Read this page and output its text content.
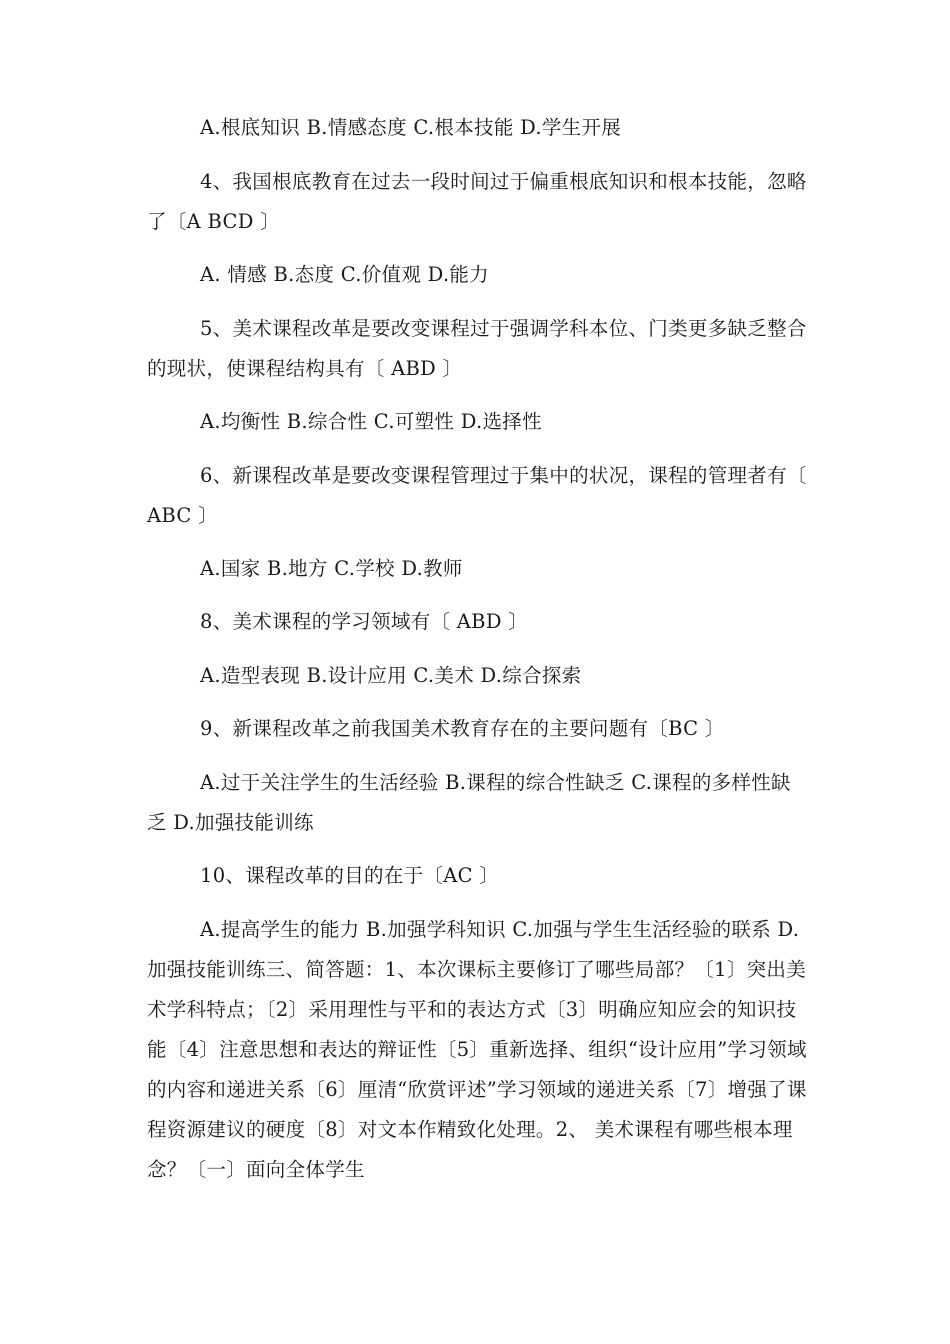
A.根底知识 B.情感态度 C.根本技能 D.学生开展

4、我国根底教育在过去一段时间过于偏重根底知识和根本技能，忽略了〔A BCD 〕

A. 情感 B.态度 C.价值观 D.能力

5、美术课程改革是要改变课程过于强调学科本位、门类更多缺乏整合的现状，使课程结构具有〔 ABD 〕

A.均衡性 B.综合性 C.可塑性 D.选择性

6、新课程改革是要改变课程管理过于集中的状况，课程的管理者有〔 ABC 〕

A.国家 B.地方 C.学校 D.教师

8、美术课程的学习领域有〔 ABD 〕

A.造型表现 B.设计应用 C.美术 D.综合探索

9、新课程改革之前我国美术教育存在的主要问题有〔BC 〕

A.过于关注学生的生活经验 B.课程的综合性缺乏 C.课程的多样性缺乏 D.加强技能训练

10、课程改革的目的在于〔AC 〕

A.提高学生的能力 B.加强学科知识 C.加强与学生生活经验的联系 D.加强技能训练三、简答题：1、本次课标主要修订了哪些局部？〔1〕突出美术学科特点；〔2〕采用理性与平和的表达方式〔3〕明确应知应会的知识技能〔4〕注意思想和表达的辩证性〔5〕重新选择、组织“设计应用”学习领域的内容和递进关系〔6〕厘清“欣赏评述”学习领域的递进关系〔7〕增强了课程资源建议的硬度〔8〕对文本作精致化处理。2、 美术课程有哪些根本理念？〔一〕面向全体学生
